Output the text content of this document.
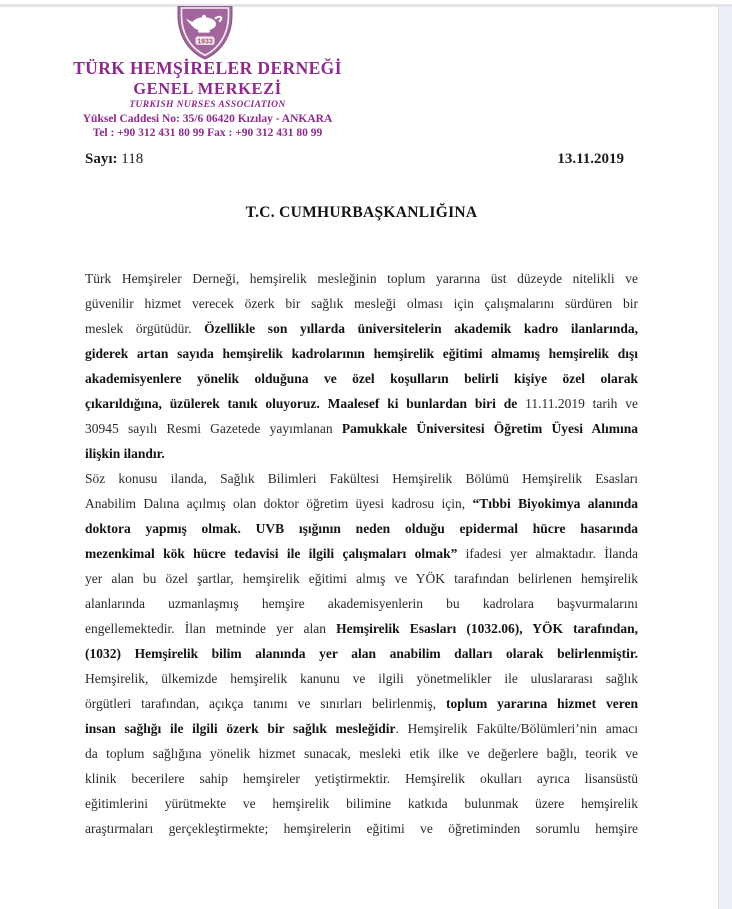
1933
TÜRK HEMŞİRELER DERNEĞİ
GENEL MERKEZİ
TURKISH NURSES ASSOCIATION
Yüksel Caddesi No: 35/6 06420 Kızılay - ANKARA
Tel : +90 312 431 80 99 Fax : +90 312 431 80 99
Sayı: 118	13.11.2019
T.C. CUMHURBAŞKANLIĞINA
Türk Hemşireler Derneği, hemşirelik mesleğinin toplum yararına üst düzeyde nitelikli ve
güvenilir hizmet verecek özerk bir sağlık mesleği olması için çalışmalarını sürdüren bir
meslek örgütüdür. Özellikle son yıllarda üniversitelerin akademik kadro ilanlarında,
giderek artan sayıda hemşirelik kadrolarının hemşirelik eğitimi almamış hemşirelik dışı
akademisyenlere yönelik olduğuna ve özel koşulların belirli kişiye özel olarak
çıkarıldığına, üzülerek tanık oluyoruz. Maalesef ki bunlardan biri de 11.11.2019 tarih ve
30945 sayılı Resmi Gazetede yayımlanan Pamukkale Üniversitesi Öğretim Üyesi Alımına
ilişkin ilandır.
Söz konusu ilanda, Sağlık Bilimleri Fakültesi Hemşirelik Bölümü Hemşirelik Esasları
Anabilim Dalına açılmış olan doktor öğretim üyesi kadrosu için, “Tıbbi Biyokimya alanında
doktora yapmış olmak. UVB ışığının neden olduğu epidermal hücre hasarında
mezenkimal kök hücre tedavisi ile ilgili çalışmaları olmak” ifadesi yer almaktadır. İlanda
yer alan bu özel şartlar, hemşirelik eğitimi almış ve YÖK tarafından belirlenen hemşirelik
alanlarında uzmanlaşmış hemşire akademisyenlerin bu kadrolara başvurmalarını
engellemektedir. İlan metninde yer alan Hemşirelik Esasları (1032.06), YÖK tarafından,
(1032) Hemşirelik bilim alanında yer alan anabilim dalları olarak belirlenmiştir.
Hemşirelik, ülkemizde hemşirelik kanunu ve ilgili yönetmelikler ile uluslararası sağlık
örgütleri tarafından, açıkça tanımı ve sınırları belirlenmiş, toplum yararına hizmet veren
insan sağlığı ile ilgili özerk bir sağlık mesleğidir. Hemşirelik Fakülte/Bölümleri’nin amacı
da toplum sağlığına yönelik hizmet sunacak, mesleki etik ilke ve değerlere bağlı, teorik ve
klinik becerilere sahip hemşireler yetiştirmektir. Hemşirelik okulları ayrıca lisansüstü
eğitimlerini yürütmekte ve hemşirelik bilimine katkıda bulunmak üzere hemşirelik
araştırmaları gerçekleştirmekte; hemşirelerin eğitimi ve öğretiminden sorumlu hemşire
